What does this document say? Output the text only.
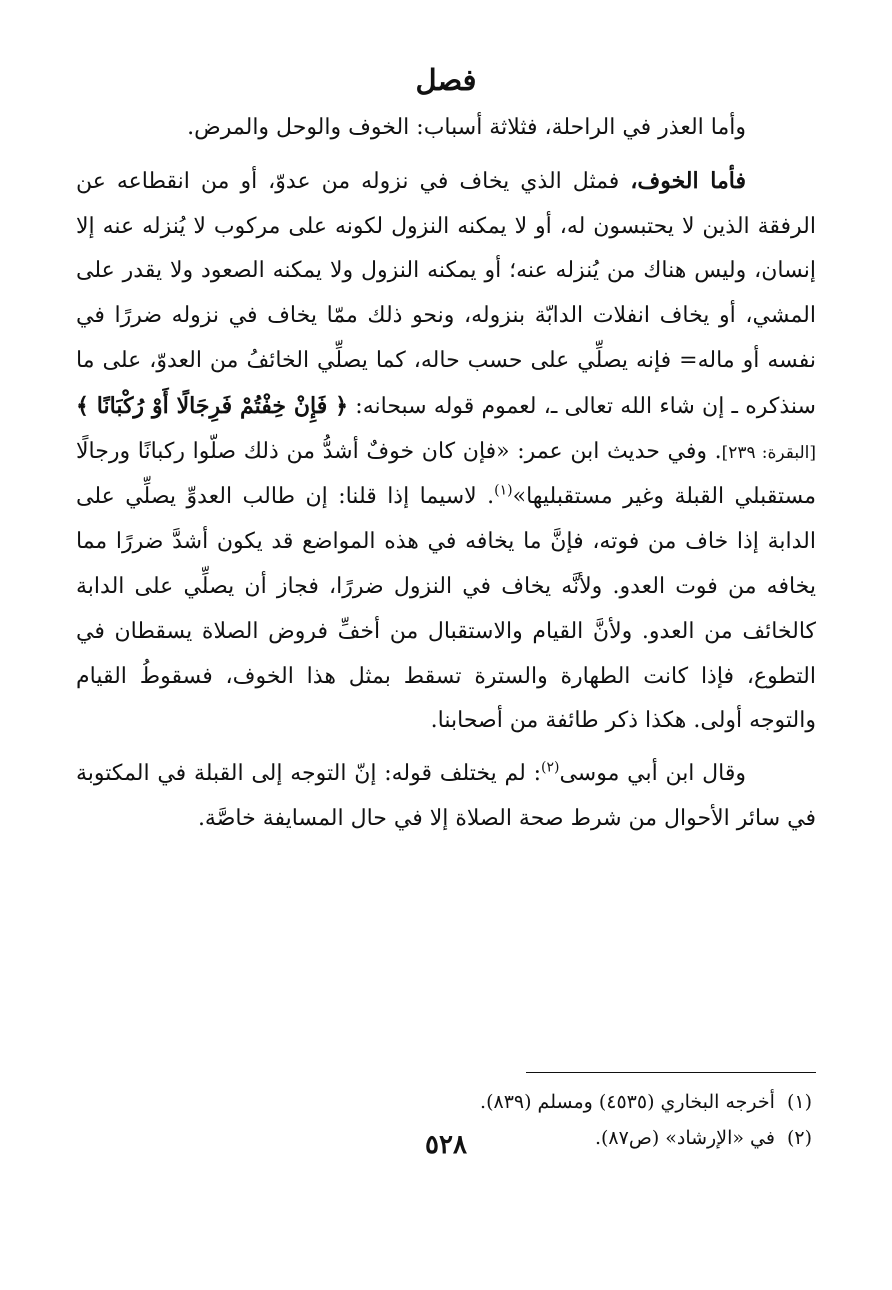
فصل

وأما العذر في الراحلة، فثلاثة أسباب: الخوف والوحل والمرض.

فأما الخوف، فمثل الذي يخاف في نزوله من عدوّ، أو من انقطاعه عن الرفقة الذين لا يحتبسون له، أو لا يمكنه النزول لكونه على مركوب لا يُنزله عنه إلا إنسان، وليس هناك من يُنزله عنه؛ أو يمكنه النزول ولا يمكنه الصعود ولا يقدر على المشي، أو يخاف انفلات الدابّة بنزوله، ونحو ذلك ممّا يخاف في نزوله ضررًا في نفسه أو ماله= فإنه يصلِّي على حسب حاله، كما يصلِّي الخائفُ من العدوّ، على ما سنذكره ـ إن شاء الله تعالى ـ، لعموم قوله سبحانه: ﴿ فَإِنْ خِفْتُمْ فَرِجَالًا أَوْ رُكْبَانًا ﴾ [البقرة: ٢٣٩]. وفي حديث ابن عمر: «فإن كان خوفٌ أشدُّ من ذلك صلّوا ركبانًا ورجالًا مستقبلي القبلة وغير مستقبليها»$^{(١)}$. لاسيما إذا قلنا: إن طالب العدوِّ يصلِّي على الدابة إذا خاف من فوته، فإنَّ ما يخافه في هذه المواضع قد يكون أشدَّ ضررًا مما يخافه من فوت العدو. ولأنَّه يخاف في النزول ضررًا، فجاز أن يصلِّي على الدابة كالخائف من العدو. ولأنَّ القيام والاستقبال من أخفِّ فروض الصلاة يسقطان في التطوع، فإذا كانت الطهارة والسترة تسقط بمثل هذا الخوف، فسقوطُ القيام والتوجه أولى. هكذا ذكر طائفة من أصحابنا.

وقال ابن أبي موسى$^{(٢)}$: لم يختلف قوله: إنّ التوجه إلى القبلة في المكتوبة في سائر الأحوال من شرط صحة الصلاة إلا في حال المسايفة خاصَّة.

(١)أخرجه البخاري (٤٥٣٥) ومسلم (٨٣٩).

(٢)في «الإرشاد» (ص٨٧).

٥٢٨
